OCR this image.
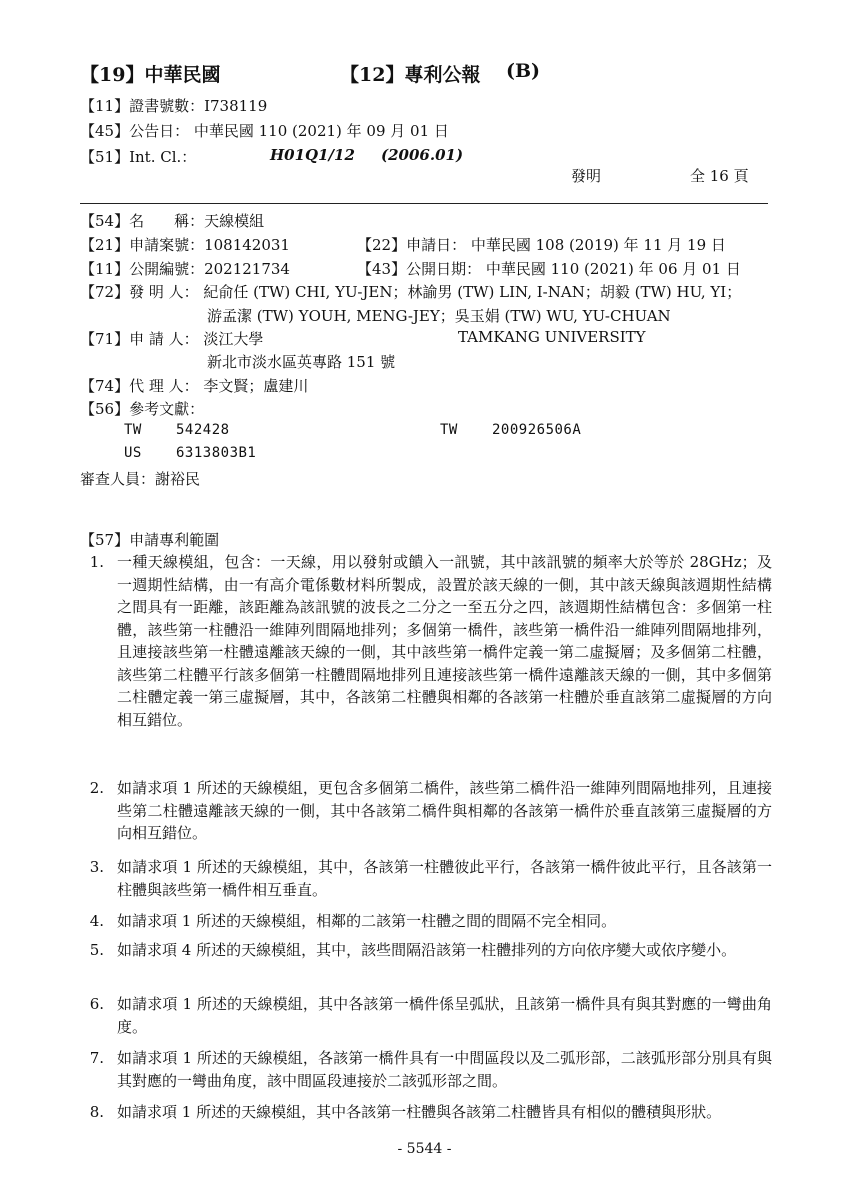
【19】中華民國	【12】專利公報 (B)
【11】證書號數：I738119
【45】公告日： 中華民國 110 (2021) 年 09 月 01 日
【51】Int. Cl.：	H01Q1/12     (2006.01)
發明	全 16 頁
【54】名　　稱：天線模組
【21】申請案號：108142031	【22】申請日： 中華民國 108 (2019) 年 11 月 19 日
【11】公開編號：202121734	【43】公開日期： 中華民國 110 (2021) 年 06 月 01 日
【72】發 明 人： 紀俞任 (TW) CHI, YU-JEN；林諭男 (TW) LIN, I-NAN；胡毅 (TW) HU, YI；
游孟潔 (TW) YOUH, MENG-JEY；吳玉娟 (TW) WU, YU-CHUAN
【71】申 請 人： 淡江大學	TAMKANG UNIVERSITY
新北市淡水區英專路 151 號
【74】代 理 人： 李文賢；盧建川
【56】參考文獻：
TW 542428	TW 200926506A
US 6313803B1
審查人員：謝裕民
【57】申請專利範圍
1. 一種天線模組，包含：一天線，用以發射或饋入一訊號，其中該訊號的頻率大於等於 28GHz；及一週期性結構，由一有高介電係數材料所製成，設置於該天線的一側，其中該天線與該週期性結構之間具有一距離，該距離為該訊號的波長之二分之一至五分之四，該週期性結構包含：多個第一柱體，該些第一柱體沿一維陣列間隔地排列；多個第一橋件，該些第一橋件沿一維陣列間隔地排列，且連接該些第一柱體遠離該天線的一側，其中該些第一橋件定義一第二虛擬層；及多個第二柱體，該些第二柱體平行該多個第一柱體間隔地排列且連接該些第一橋件遠離該天線的一側，其中多個第二柱體定義一第三虛擬層，其中，各該第二柱體與相鄰的各該第一柱體於垂直該第二虛擬層的方向相互錯位。
2. 如請求項 1 所述的天線模組，更包含多個第二橋件，該些第二橋件沿一維陣列間隔地排列，且連接些第二柱體遠離該天線的一側，其中各該第二橋件與相鄰的各該第一橋件於垂直該第三虛擬層的方向相互錯位。
3. 如請求項 1 所述的天線模組，其中，各該第一柱體彼此平行，各該第一橋件彼此平行，且各該第一柱體與該些第一橋件相互垂直。
4. 如請求項 1 所述的天線模組，相鄰的二該第一柱體之間的間隔不完全相同。
5. 如請求項 4 所述的天線模組，其中，該些間隔沿該第一柱體排列的方向依序變大或依序變小。
6. 如請求項 1 所述的天線模組，其中各該第一橋件係呈弧狀，且該第一橋件具有與其對應的一彎曲角度。
7. 如請求項 1 所述的天線模組，各該第一橋件具有一中間區段以及二弧形部，二該弧形部分別具有與其對應的一彎曲角度，該中間區段連接於二該弧形部之間。
8. 如請求項 1 所述的天線模組，其中各該第一柱體與各該第二柱體皆具有相似的體積與形狀。
- 5544 -
